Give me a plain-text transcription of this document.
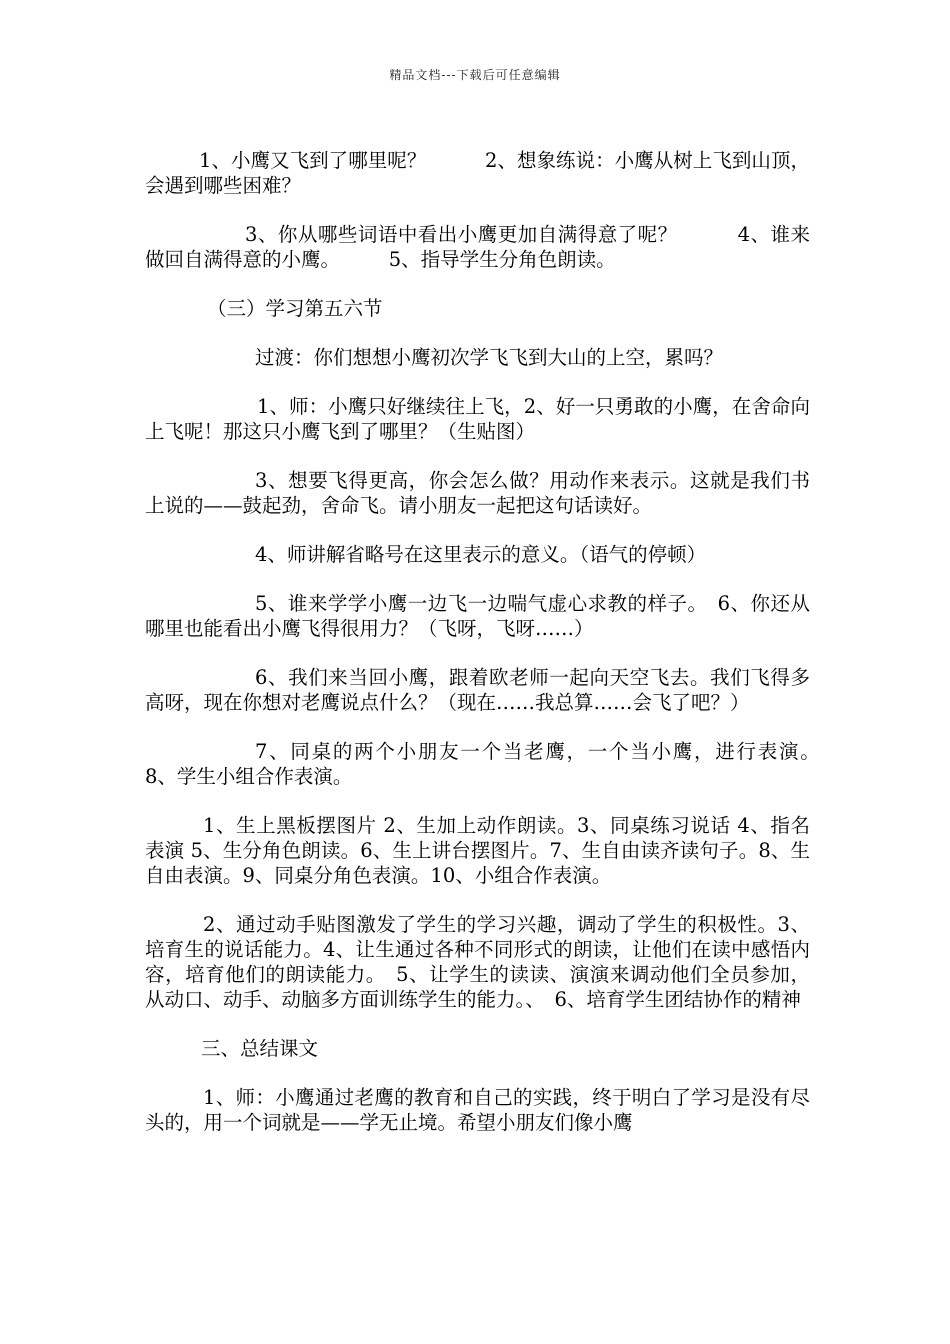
精品文档---下载后可任意编辑

1、小鹰又飞到了哪里呢？　　　2、想象练说：小鹰从树上飞到山顶，会遇到哪些困难？

3、你从哪些词语中看出小鹰更加自满得意了呢？　　　4、谁来做回自满得意的小鹰。　　　5、指导学生分角色朗读。

（三）学习第五六节

过渡：你们想想小鹰初次学飞飞到大山的上空，累吗？

1、师：小鹰只好继续往上飞，2、好一只勇敢的小鹰，在舍命向上飞呢！那这只小鹰飞到了哪里？（生贴图）

3、想要飞得更高，你会怎么做？用动作来表示。这就是我们书上说的——鼓起劲，舍命飞。请小朋友一起把这句话读好。

4、师讲解省略号在这里表示的意义。（语气的停顿）

5、谁来学学小鹰一边飞一边喘气虚心求教的样子。　6、你还从哪里也能看出小鹰飞得很用力？（飞呀，飞呀……）

6、我们来当回小鹰，跟着欧老师一起向天空飞去。我们飞得多高呀，现在你想对老鹰说点什么？（现在……我总算……会飞了吧？）

7、同桌的两个小朋友一个当老鹰，一个当小鹰，进行表演。　　　8、学生小组合作表演。

1、生上黑板摆图片 2、生加上动作朗读。3、同桌练习说话 4、指名表演 5、生分角色朗读。6、生上讲台摆图片。7、生自由读齐读句子。8、生自由表演。9、同桌分角色表演。10、小组合作表演。

2、通过动手贴图激发了学生的学习兴趣，调动了学生的积极性。3、培育生的说话能力。4、让生通过各种不同形式的朗读，让他们在读中感悟内容，培育他们的朗读能力。　5、让学生的读读、演演来调动他们全员参加，从动口、动手、动脑多方面训练学生的能力。、　6、培育学生团结协作的精神

三、总结课文

1、师：小鹰通过老鹰的教育和自己的实践，终于明白了学习是没有尽头的，用一个词就是——学无止境。希望小朋友们像小鹰
